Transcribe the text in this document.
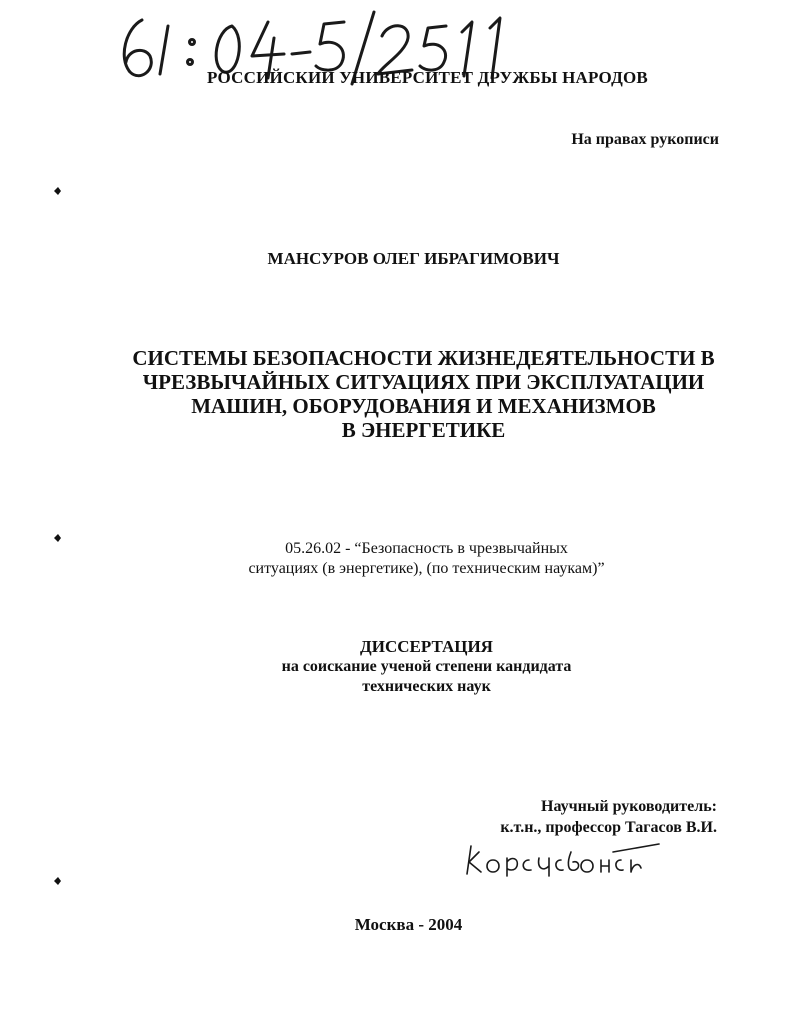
РОССИЙСКИЙ УНИВЕРСИТЕТ ДРУЖБЫ НАРОДОВ
На правах рукописи
МАНСУРОВ ОЛЕГ ИБРАГИМОВИЧ
СИСТЕМЫ БЕЗОПАСНОСТИ ЖИЗНЕДЕЯТЕЛЬНОСТИ В
ЧРЕЗВЫЧАЙНЫХ СИТУАЦИЯХ ПРИ ЭКСПЛУАТАЦИИ
МАШИН, ОБОРУДОВАНИЯ И МЕХАНИЗМОВ
В ЭНЕРГЕТИКЕ
05.26.02 - “Безопасность в чрезвычайных
ситуациях (в энергетике), (по техническим наукам)”
ДИССЕРТАЦИЯ
на соискание ученой степени кандидата
технических наук
Научный руководитель:
к.т.н., профессор Тагасов В.И.
Москва - 2004
